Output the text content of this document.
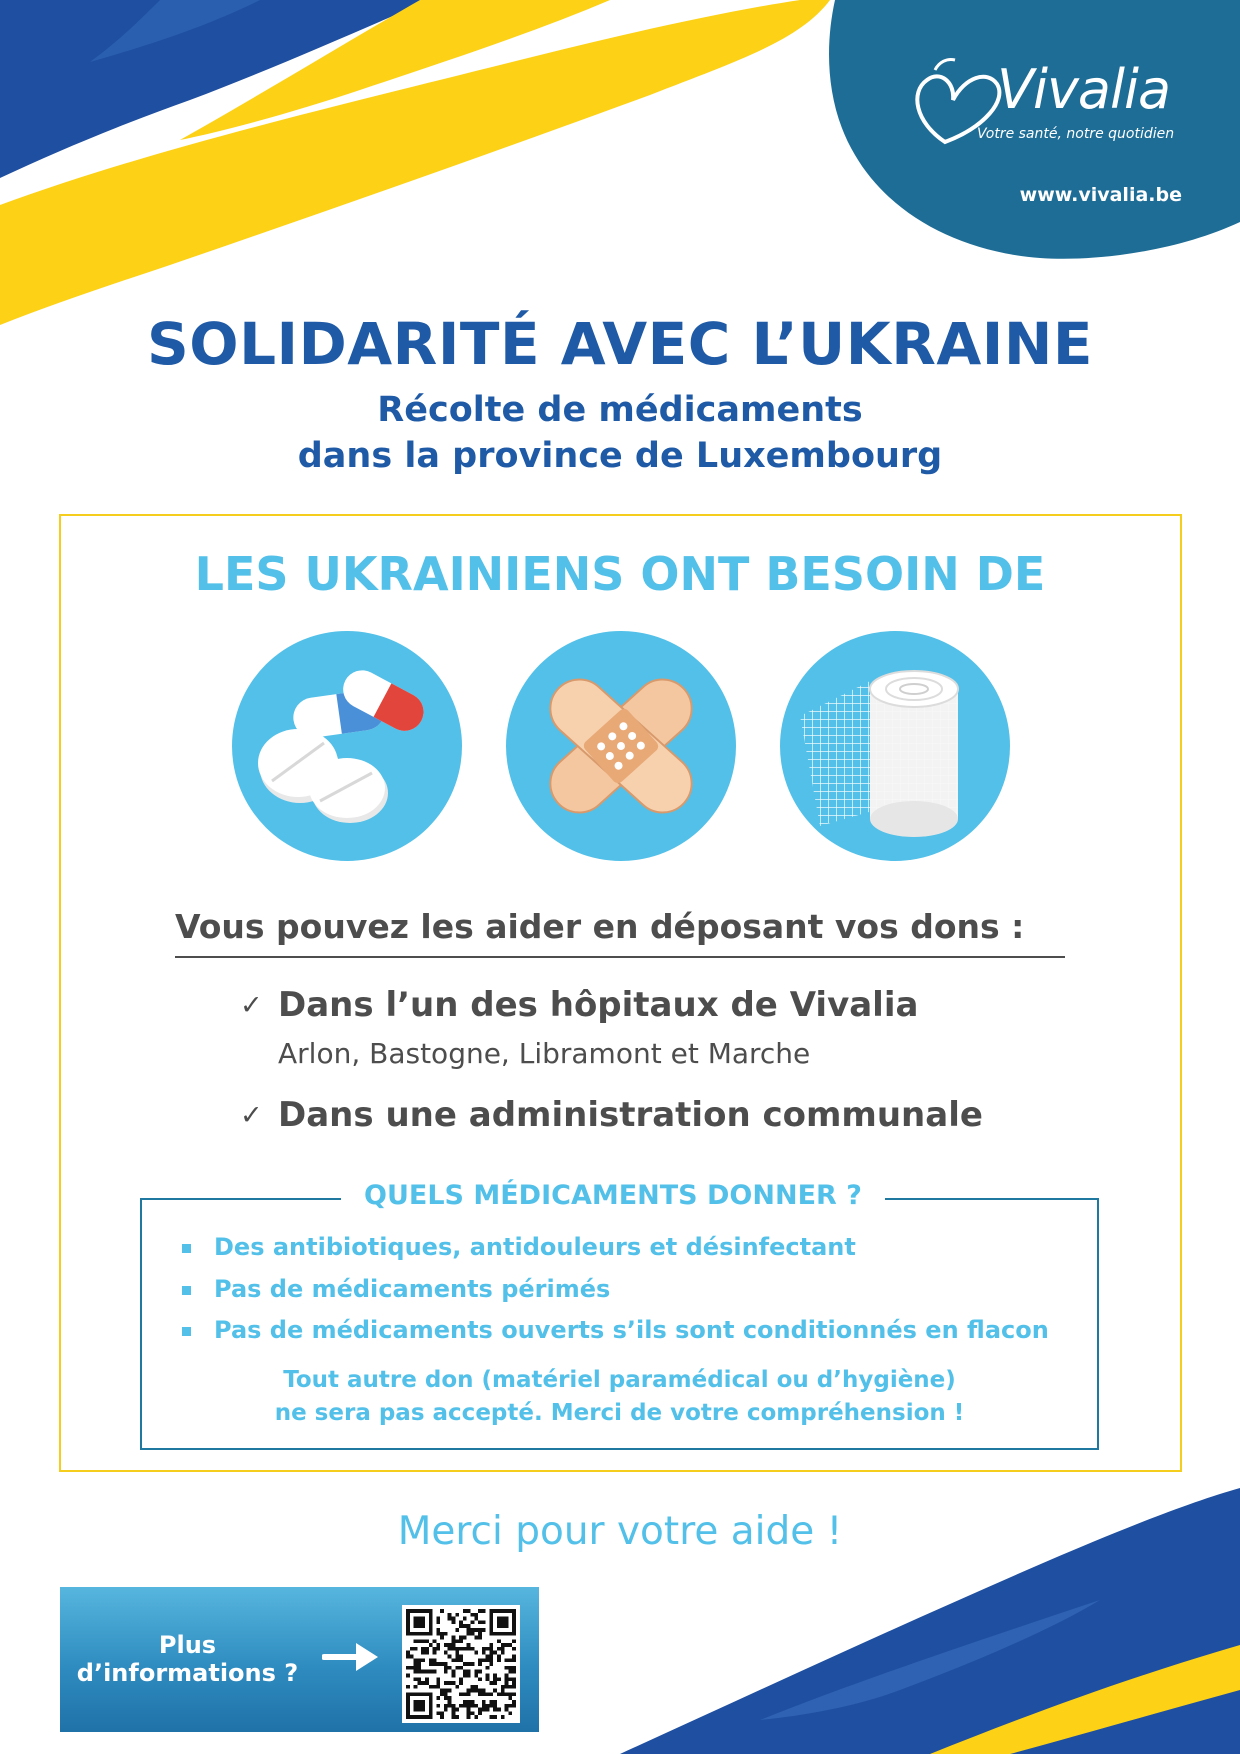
Vivalia
Votre santé, notre quotidien
www.vivalia.be
SOLIDARITÉ AVEC L’UKRAINE
Récolte de médicaments
dans la province de Luxembourg
LES UKRAINIENS ONT BESOIN DE
Vous pouvez les aider en déposant vos dons :
✓ Dans l’un des hôpitaux de Vivalia
Arlon, Bastogne, Libramont et Marche
✓ Dans une administration communale
QUELS MÉDICAMENTS DONNER ?
Des antibiotiques, antidouleurs et désinfectant
Pas de médicaments périmés
Pas de médicaments ouverts s’ils sont conditionnés en flacon
Tout autre don (matériel paramédical ou d’hygiène)
ne sera pas accepté. Merci de votre compréhension !
Merci pour votre aide !
Plus
d’informations ?
